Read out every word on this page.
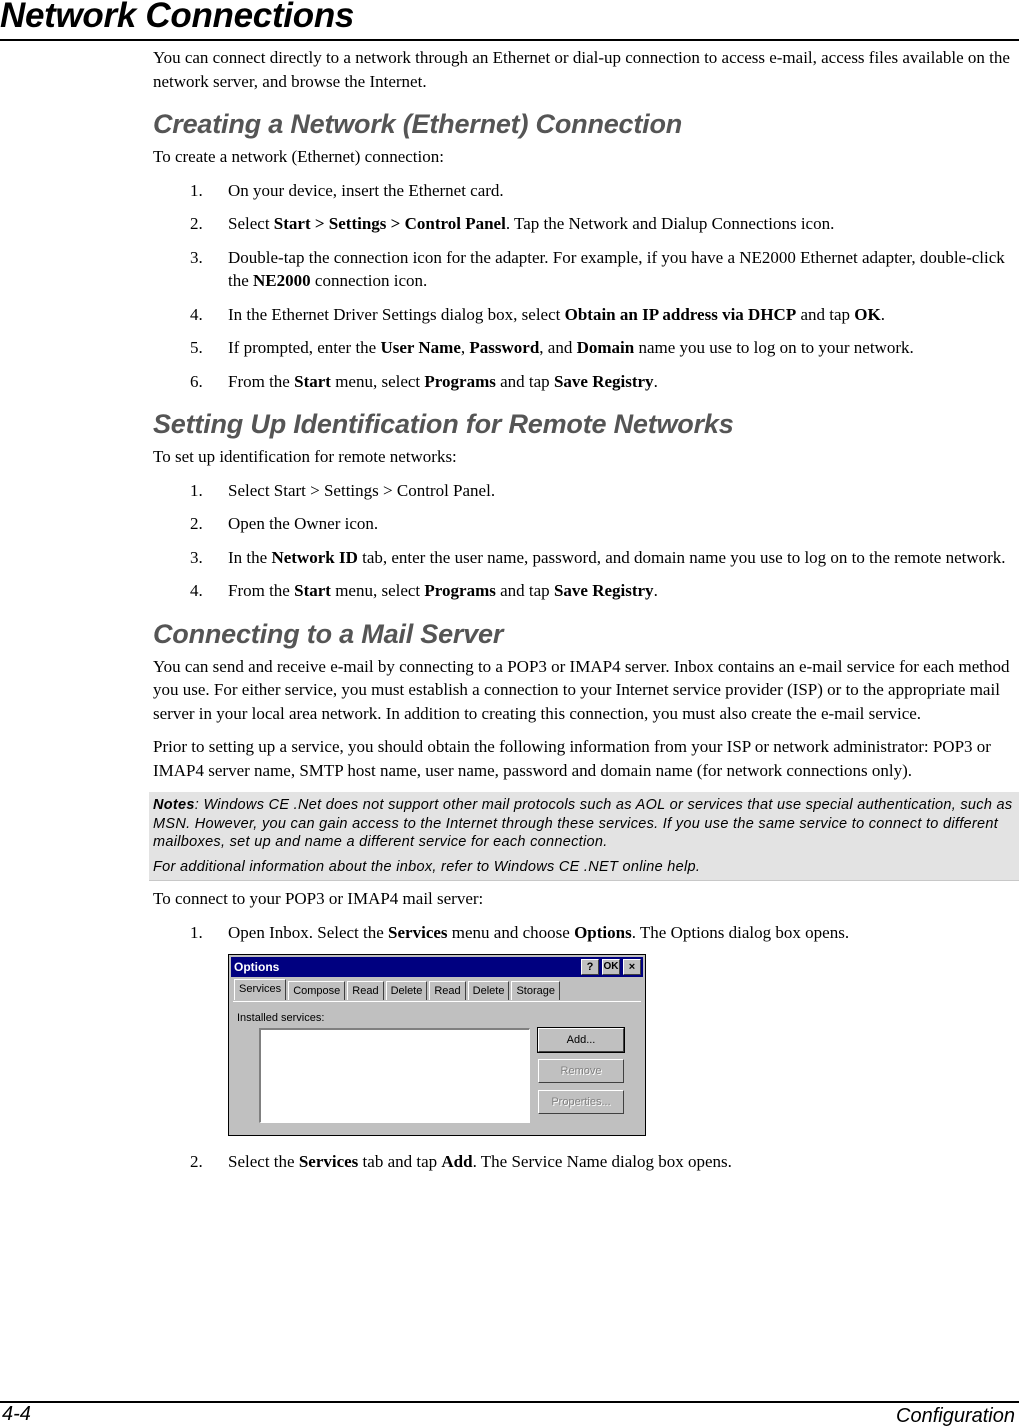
Network Connections

You can connect directly to a network through an Ethernet or dial-up connection to access e-mail, access files available on the network server, and browse the Internet.

Creating a Network (Ethernet) Connection

To create a network (Ethernet) connection:

1.	On your device, insert the Ethernet card.
2.	Select Start > Settings > Control Panel. Tap the Network and Dialup Connections icon.
3.	Double-tap the connection icon for the adapter. For example, if you have a NE2000 Ethernet adapter, double-click the NE2000 connection icon.
4.	In the Ethernet Driver Settings dialog box, select Obtain an IP address via DHCP and tap OK.
5.	If prompted, enter the User Name, Password, and Domain name you use to log on to your network.
6.	From the Start menu, select Programs and tap Save Registry.
Setting Up Identification for Remote Networks

To set up identification for remote networks:

1.	Select Start > Settings > Control Panel.
2.	Open the Owner icon.
3.	In the Network ID tab, enter the user name, password, and domain name you use to log on to the remote network.
4.	From the Start menu, select Programs and tap Save Registry.
Connecting to a Mail Server

You can send and receive e-mail by connecting to a POP3 or IMAP4 server. Inbox contains an e-mail service for each method you use. For either service, you must establish a connection to your Internet service provider (ISP) or to the appropriate mail server in your local area network. In addition to creating this connection, you must also create the e-mail service.

Prior to setting up a service, you should obtain the following information from your ISP or network administrator: POP3 or IMAP4 server name, SMTP host name, user name, password and domain name (for network connections only).

Notes: Windows CE .Net does not support other mail protocols such as AOL or services that use special authentication, such as MSN. However, you can gain access to the Internet through these services. If you use the same service to connect to different mailboxes, set up and name a different service for each connection.
For additional information about the inbox, refer to Windows CE .NET online help.

To connect to your POP3 or IMAP4 mail server:

1.	Open Inbox. Select the Services menu and choose Options. The Options dialog box opens.
Options	?	OK ×
Services	Compose	Read	Delete	Read	Delete	Storage
Installed services:
Add...
Remove
Properties...
2.	Select the Services tab and tap Add. The Service Name dialog box opens.
4-4	Configuration
